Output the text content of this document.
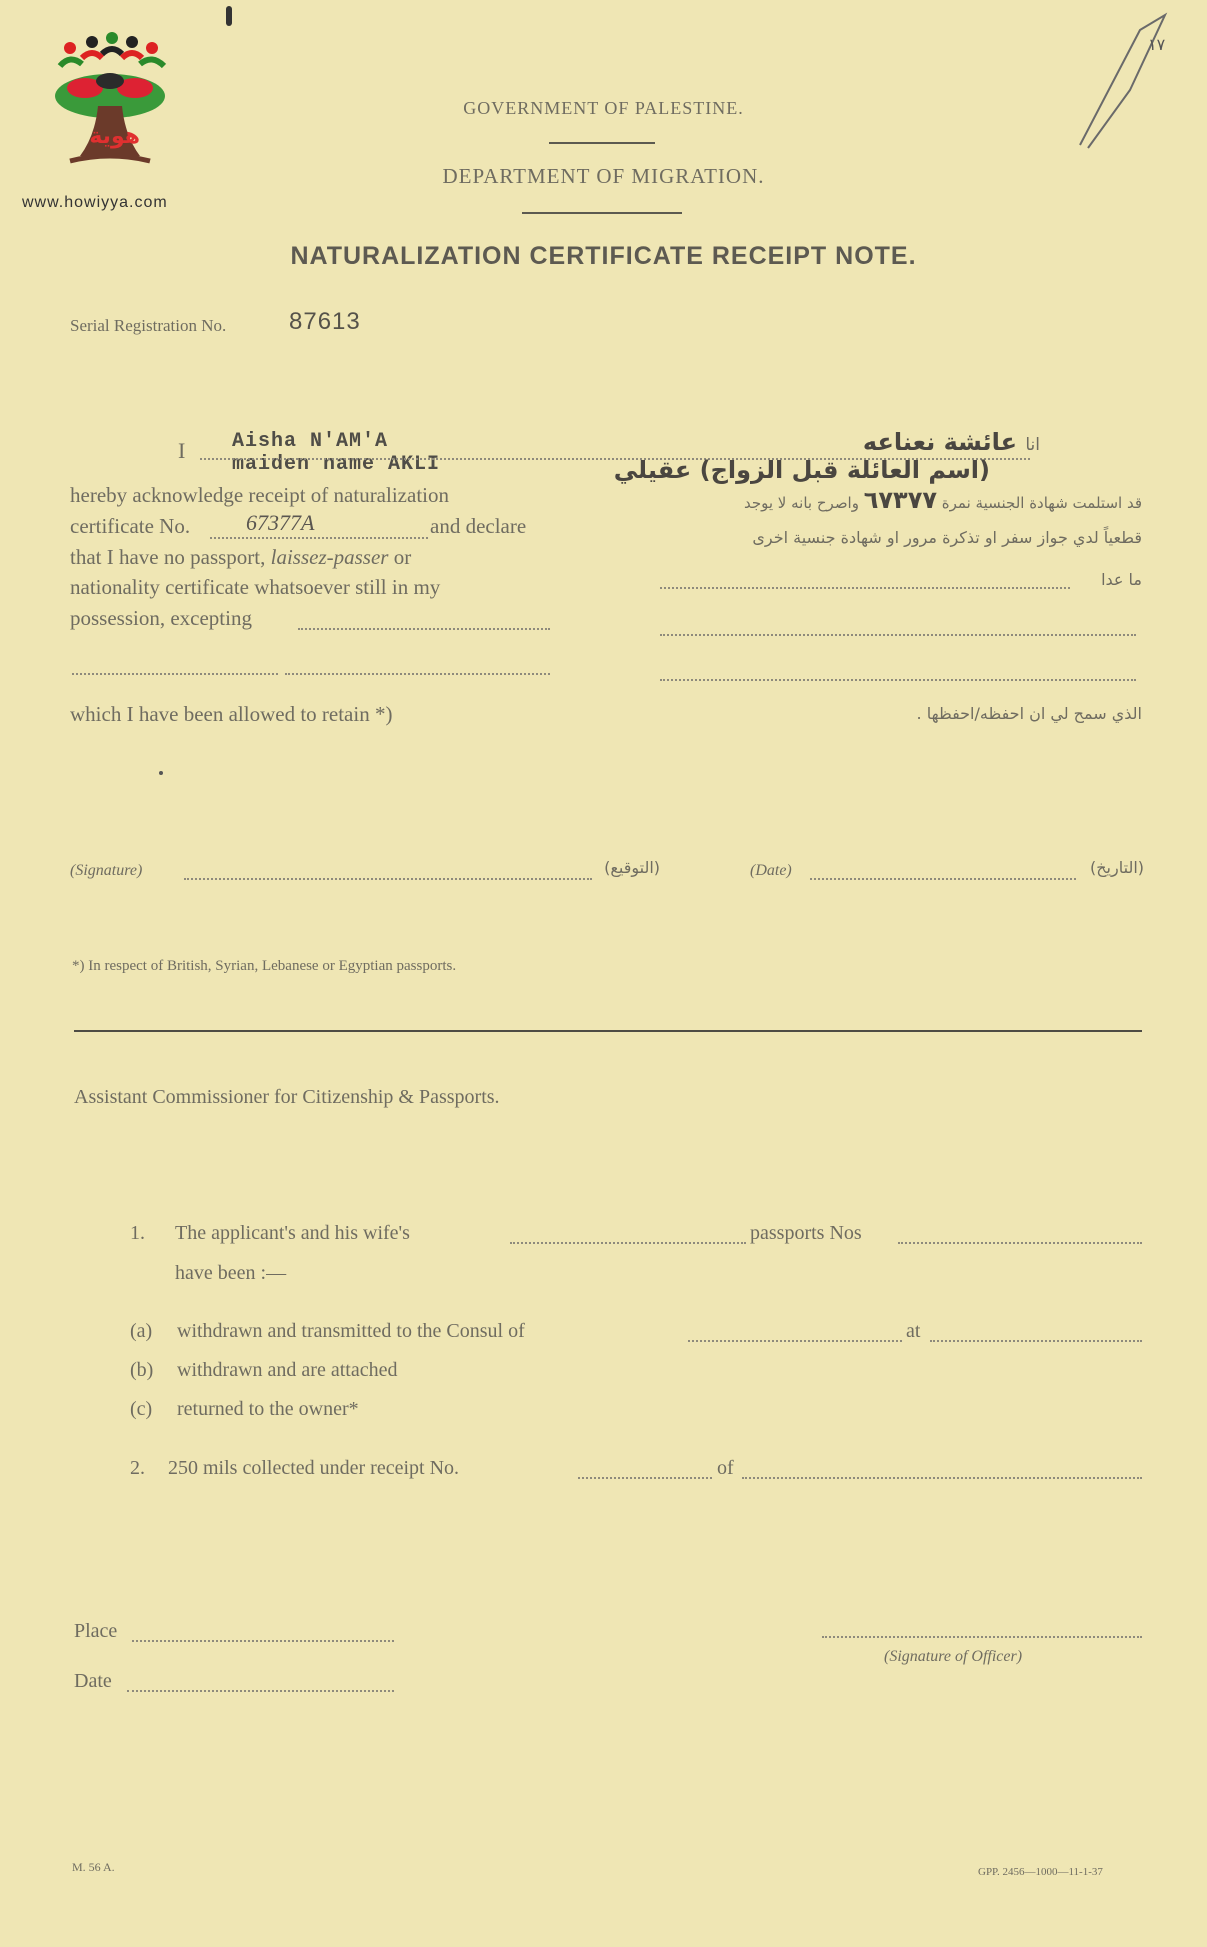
هوية
www.howiyya.com
۱۷
GOVERNMENT OF PALESTINE.
DEPARTMENT OF MIGRATION.
NATURALIZATION CERTIFICATE RECEIPT NOTE.
Serial Registration No.	87613
I Aisha N'AM'A
maiden name AKLI
hereby acknowledge receipt of naturalization
certificate No.	67377A	and declare
that I have no passport, laissez-passer or
nationality certificate whatsoever still in my
possession, excepting
which I have been allowed to retain *)
انا عائشة نعناعه
(اسم العائلة قبل الزواج) عقيلي
قد استلمت شهادة الجنسية نمرة ٦٧٣٧٧ واصرح بانه لا يوجد
قطعياً لدي جواز سفر او تذكرة مرور او شهادة جنسية اخرى
ما عدا
الذي سمح لي ان احفظه/احفظها .
(Signature)	(التوقيع)	(Date)	(التاريخ)
*) In respect of British, Syrian, Lebanese or Egyptian passports.
Assistant Commissioner for Citizenship & Passports.
1. The applicant's and his wife's	passports Nos
have been :—
(a) withdrawn and transmitted to the Consul of	at
(b) withdrawn and are attached
(c) returned to the owner*
2. 250 mils collected under receipt No.	of
Place
Date
(Signature of Officer)
M. 56 A.	GPP. 2456—1000—11-1-37
